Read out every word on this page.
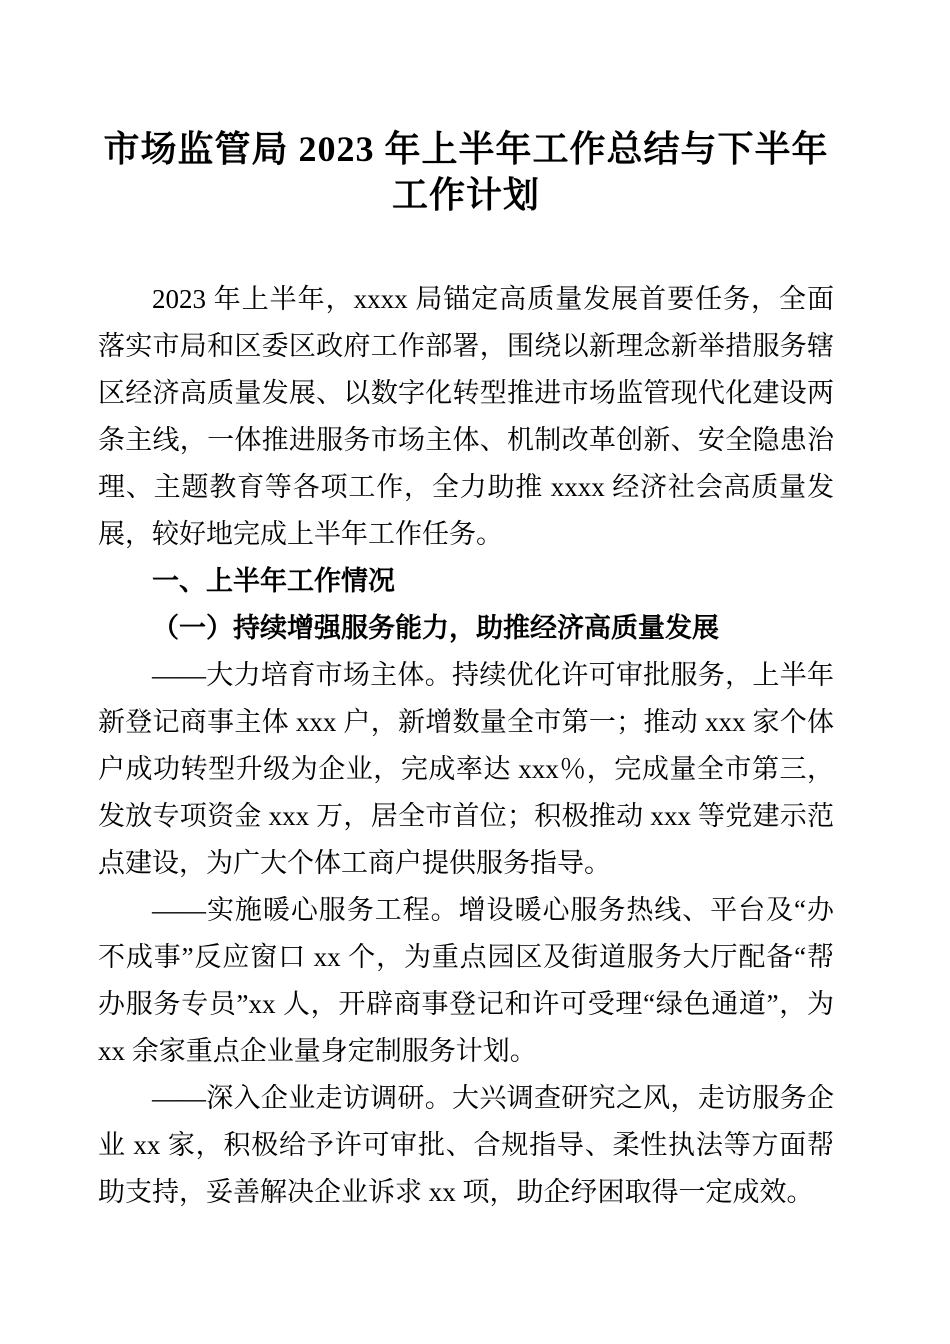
市场监管局 2023 年上半年工作总结与下半年
工作计划

2023 年上半年，xxxx 局锚定高质量发展首要任务，全面落实市局和区委区政府工作部署，围绕以新理念新举措服务辖区经济高质量发展、以数字化转型推进市场监管现代化建设两条主线，一体推进服务市场主体、机制改革创新、安全隐患治理、主题教育等各项工作，全力助推 xxxx 经济社会高质量发展，较好地完成上半年工作任务。

一、上半年工作情况
（一）持续增强服务能力，助推经济高质量发展

——大力培育市场主体。持续优化许可审批服务，上半年新登记商事主体 xxx 户，新增数量全市第一；推动 xxx 家个体户成功转型升级为企业，完成率达 xxx％，完成量全市第三，发放专项资金 xxx 万，居全市首位；积极推动 xxx 等党建示范点建设，为广大个体工商户提供服务指导。

——实施暖心服务工程。增设暖心服务热线、平台及“办不成事”反应窗口 xx 个，为重点园区及街道服务大厅配备“帮办服务专员”xx 人，开辟商事登记和许可受理“绿色通道”，为 xx 余家重点企业量身定制服务计划。

——深入企业走访调研。大兴调查研究之风，走访服务企业 xx 家，积极给予许可审批、合规指导、柔性执法等方面帮助支持，妥善解决企业诉求 xx 项，助企纾困取得一定成效。
